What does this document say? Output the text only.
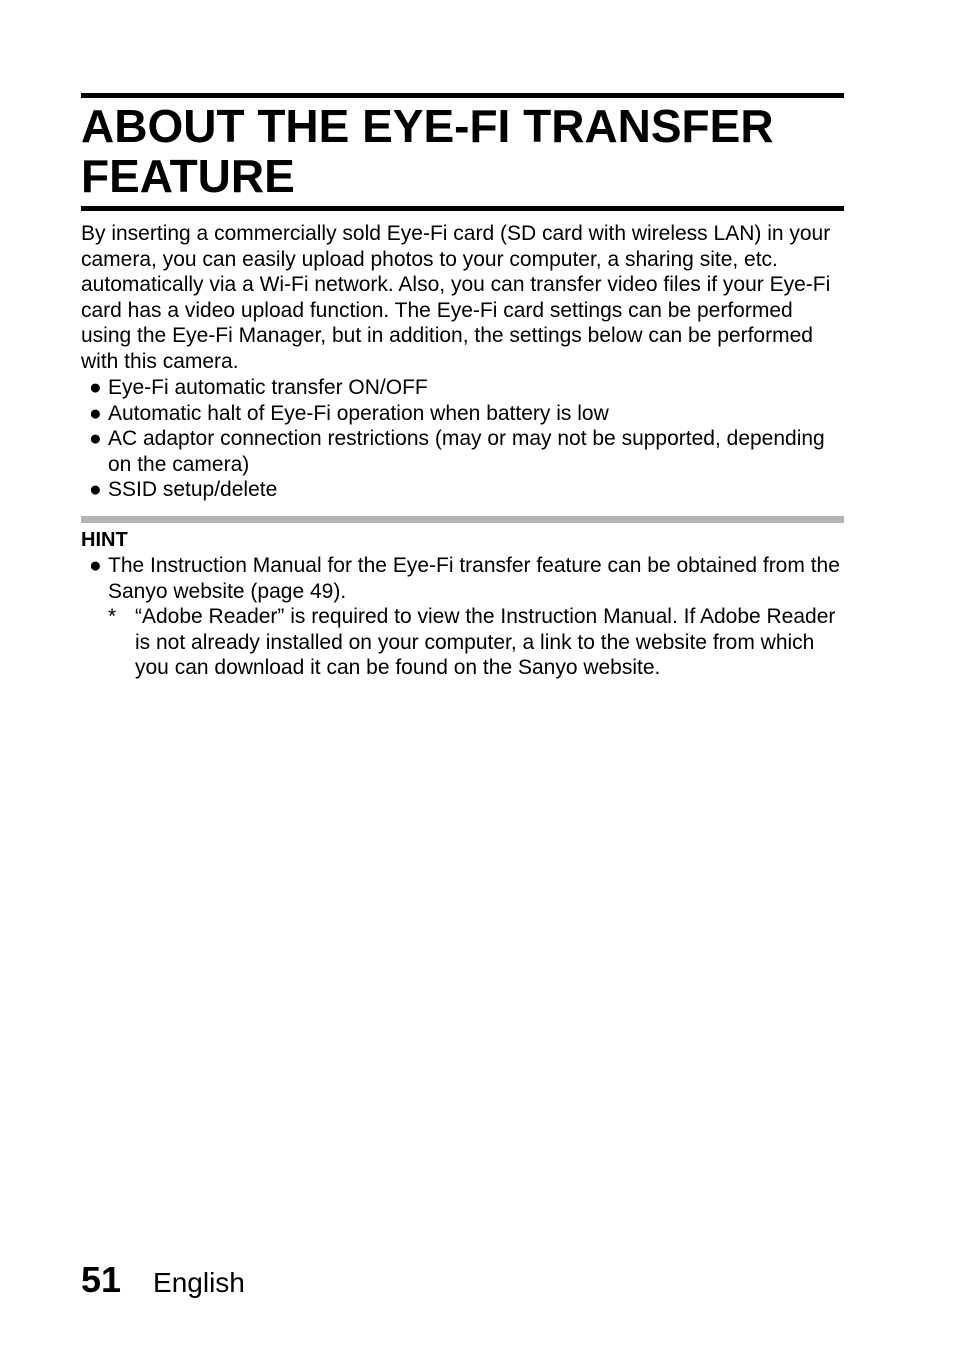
ABOUT THE EYE-FI TRANSFER
FEATURE

By inserting a commercially sold Eye-Fi card (SD card with wireless LAN) in your camera, you can easily upload photos to your computer, a sharing site, etc. automatically via a Wi-Fi network. Also, you can transfer video files if your Eye-Fi card has a video upload function. The Eye-Fi card settings can be performed using the Eye-Fi Manager, but in addition, the settings below can be performed with this camera.

● Eye-Fi automatic transfer ON/OFF
● Automatic halt of Eye-Fi operation when battery is low
● AC adaptor connection restrictions (may or may not be supported, depending on the camera)
● SSID setup/delete
HINT
● The Instruction Manual for the Eye-Fi transfer feature can be obtained from the Sanyo website (page 49).
* “Adobe Reader” is required to view the Instruction Manual. If Adobe Reader is not already installed on your computer, a link to the website from which you can download it can be found on the Sanyo website.
51 English
